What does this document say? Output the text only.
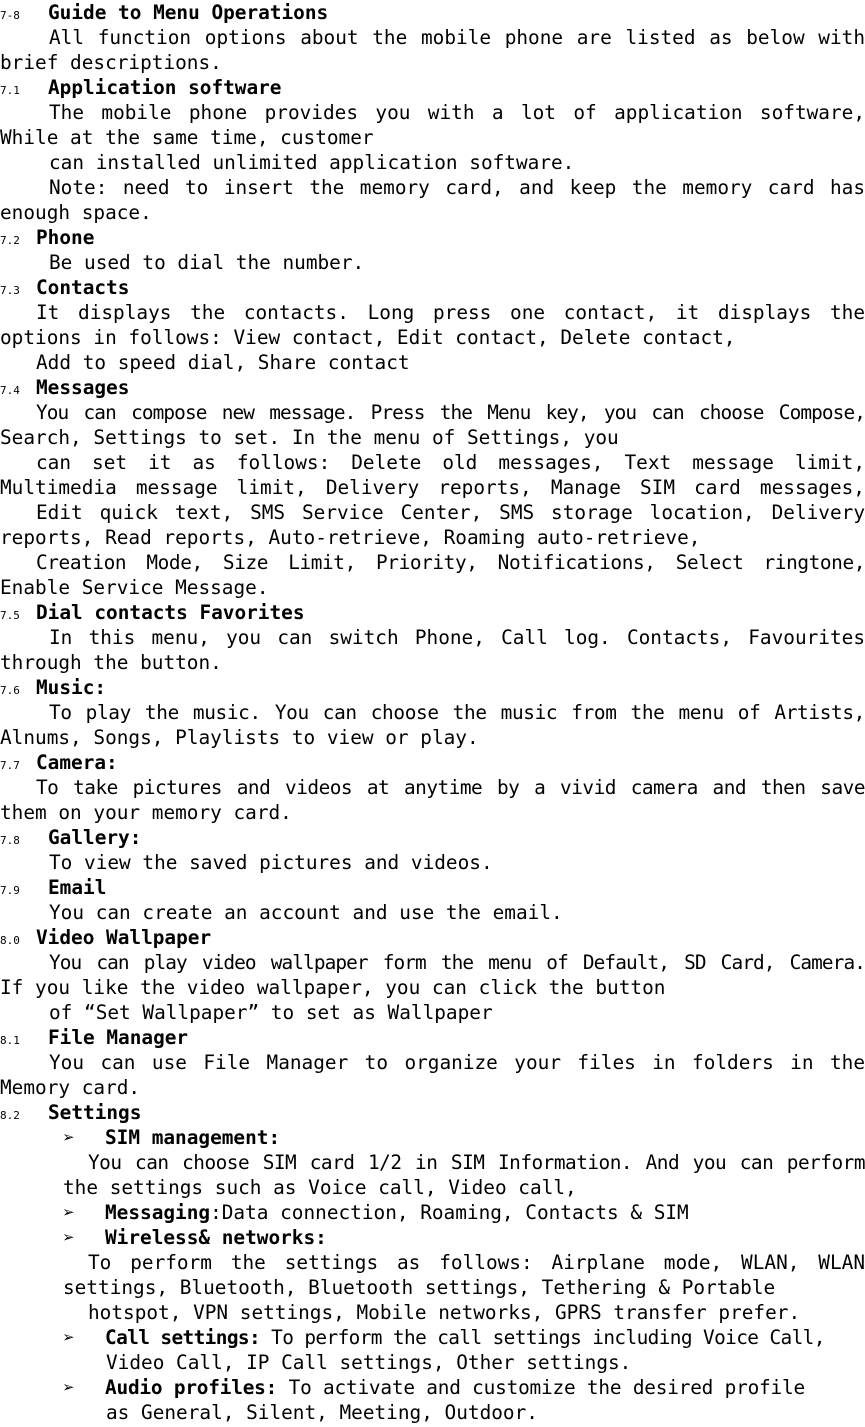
7-8 Guide to Menu Operations
All function options about the mobile phone are listed as below with
brief descriptions.
7.1 Application software
The mobile phone provides you with a lot of application software,
While at the same time, customer
can installed unlimited application software.
Note: need to insert the memory card, and keep the memory card has
enough space.
7.2 Phone
Be used to dial the number.
7.3 Contacts
It displays the contacts. Long press one contact, it displays the
options in follows: View contact, Edit contact, Delete contact,
Add to speed dial, Share contact
7.4 Messages
You can compose new message. Press the Menu key, you can choose Compose,
Search, Settings to set. In the menu of Settings, you
can set it as follows: Delete old messages, Text message limit,
Multimedia message limit, Delivery reports, Manage SIM card messages,
Edit quick text, SMS Service Center, SMS storage location, Delivery
reports, Read reports, Auto-retrieve, Roaming auto-retrieve,
Creation Mode, Size Limit, Priority, Notifications, Select ringtone,
Enable Service Message.
7.5 Dial contacts Favorites
In this menu, you can switch Phone, Call log. Contacts, Favourites
through the button.
7.6 Music:
To play the music. You can choose the music from the menu of Artists,
Alnums, Songs, Playlists to view or play.
7.7 Camera:
To take pictures and videos at anytime by a vivid camera and then save
them on your memory card.
7.8 Gallery:
To view the saved pictures and videos.
7.9 Email
You can create an account and use the email.
8.0 Video Wallpaper
You can play video wallpaper form the menu of Default, SD Card, Camera.
If you like the video wallpaper, you can click the button
of “Set Wallpaper” to set as Wallpaper
8.1 File Manager
You can use File Manager to organize your files in folders in the
Memory card.
8.2 Settings
➢ SIM management:
You can choose SIM card 1/2 in SIM Information. And you can perform
the settings such as Voice call, Video call,
➢ Messaging:Data connection, Roaming, Contacts & SIM
➢ Wireless& networks:
To perform the settings as follows: Airplane mode, WLAN, WLAN
settings, Bluetooth, Bluetooth settings, Tethering & Portable
hotspot, VPN settings, Mobile networks, GPRS transfer prefer.
➢ Call settings: To perform the call settings including Voice Call,
Video Call, IP Call settings, Other settings.
➢ Audio profiles: To activate and customize the desired profile
as General, Silent, Meeting, Outdoor.
